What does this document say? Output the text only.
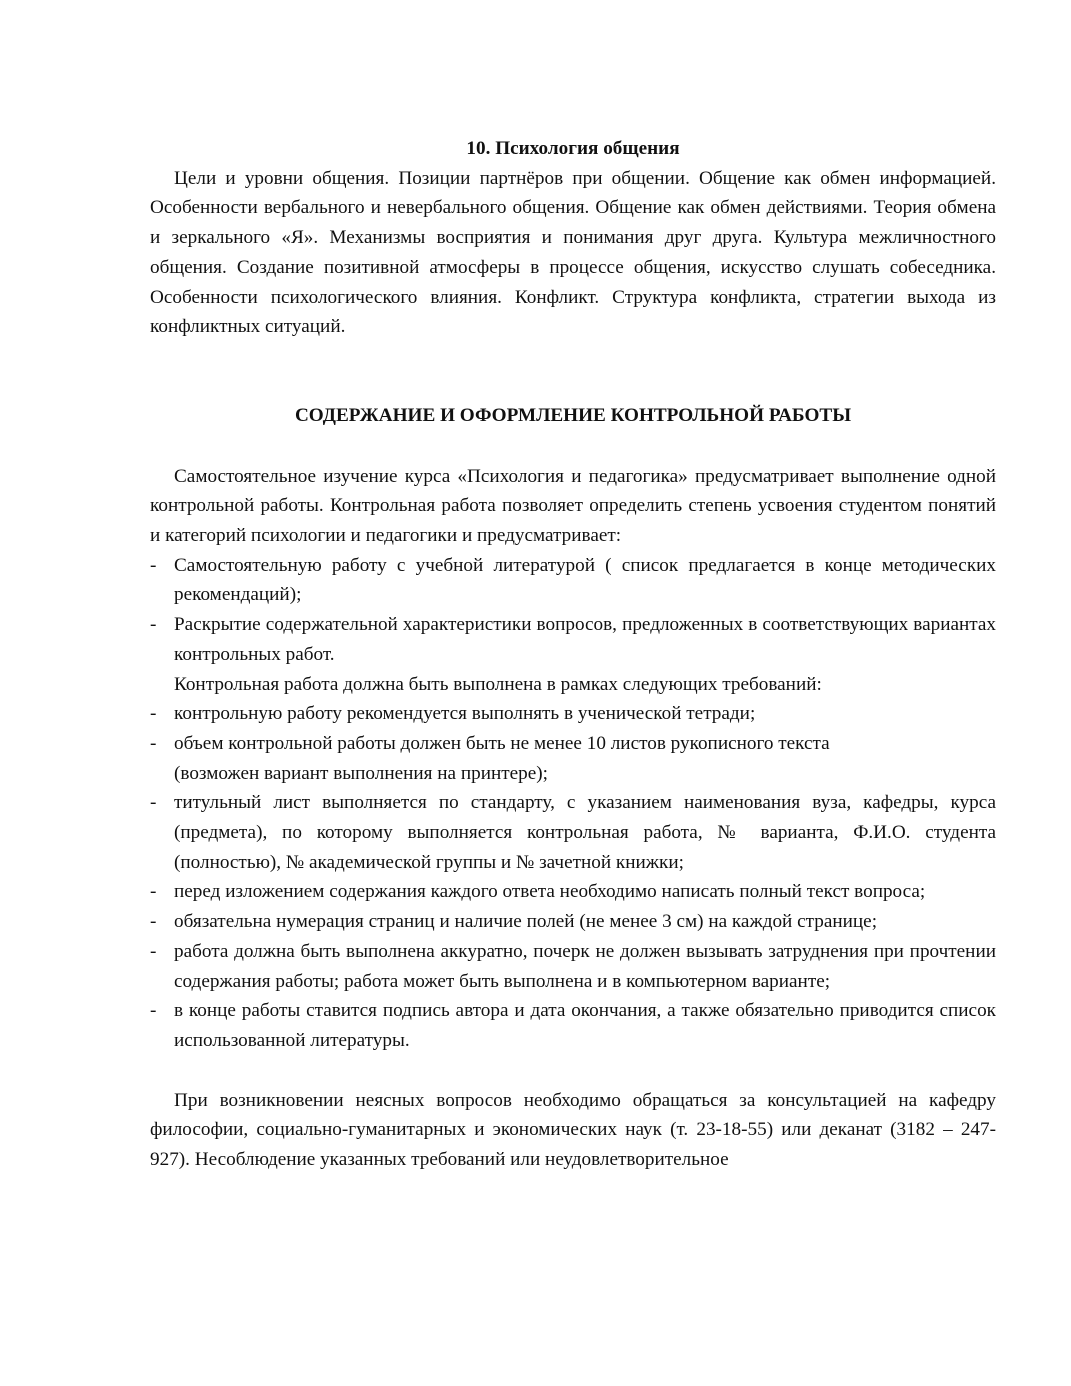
10. Психология общения

Цели и уровни общения. Позиции партнёров при общении. Общение как обмен информацией. Особенности вербального и невербального общения. Общение как обмен действиями. Теория обмена и зеркального «Я». Механизмы восприятия и понимания друг друга. Культура межличностного общения. Создание позитивной атмосферы в процессе общения, искусство слушать собеседника. Особенности психологического влияния. Конфликт. Структура конфликта, стратегии выхода из конфликтных ситуаций.

СОДЕРЖАНИЕ И ОФОРМЛЕНИЕ КОНТРОЛЬНОЙ РАБОТЫ

Самостоятельное изучение курса «Психология и педагогика» предусматривает выполнение одной контрольной работы. Контрольная работа позволяет определить степень усвоения студентом понятий и категорий психологии и педагогики и предусматривает:

- Самостоятельную работу с учебной литературой ( список предлагается в конце методических рекомендаций);
- Раскрытие содержательной характеристики вопросов, предложенных в соответствующих вариантах контрольных работ.

Контрольная работа должна быть выполнена в рамках следующих требований:

- контрольную работу рекомендуется выполнять в ученической тетради;
- объем контрольной работы должен быть не менее 10 листов рукописного текста
(возможен вариант выполнения на принтере);
- титульный лист выполняется по стандарту, с указанием наименования вуза, кафедры, курса (предмета), по которому выполняется контрольная работа, № варианта, Ф.И.О. студента (полностью), № академической группы и № зачетной книжки;
- перед изложением содержания каждого ответа необходимо написать полный текст вопроса;
- обязательна нумерация страниц и наличие полей (не менее 3 см) на каждой странице;
- работа должна быть выполнена аккуратно, почерк не должен вызывать затруднения при прочтении содержания работы; работа может быть выполнена и в компьютерном варианте;
- в конце работы ставится подпись автора и дата окончания, а также обязательно приводится список использованной литературы.

При возникновении неясных вопросов необходимо обращаться за консультацией на кафедру философии, социально-гуманитарных и экономических наук (т. 23-18-55) или деканат (3182 – 247-927). Несоблюдение указанных требований или неудовлетворительное
